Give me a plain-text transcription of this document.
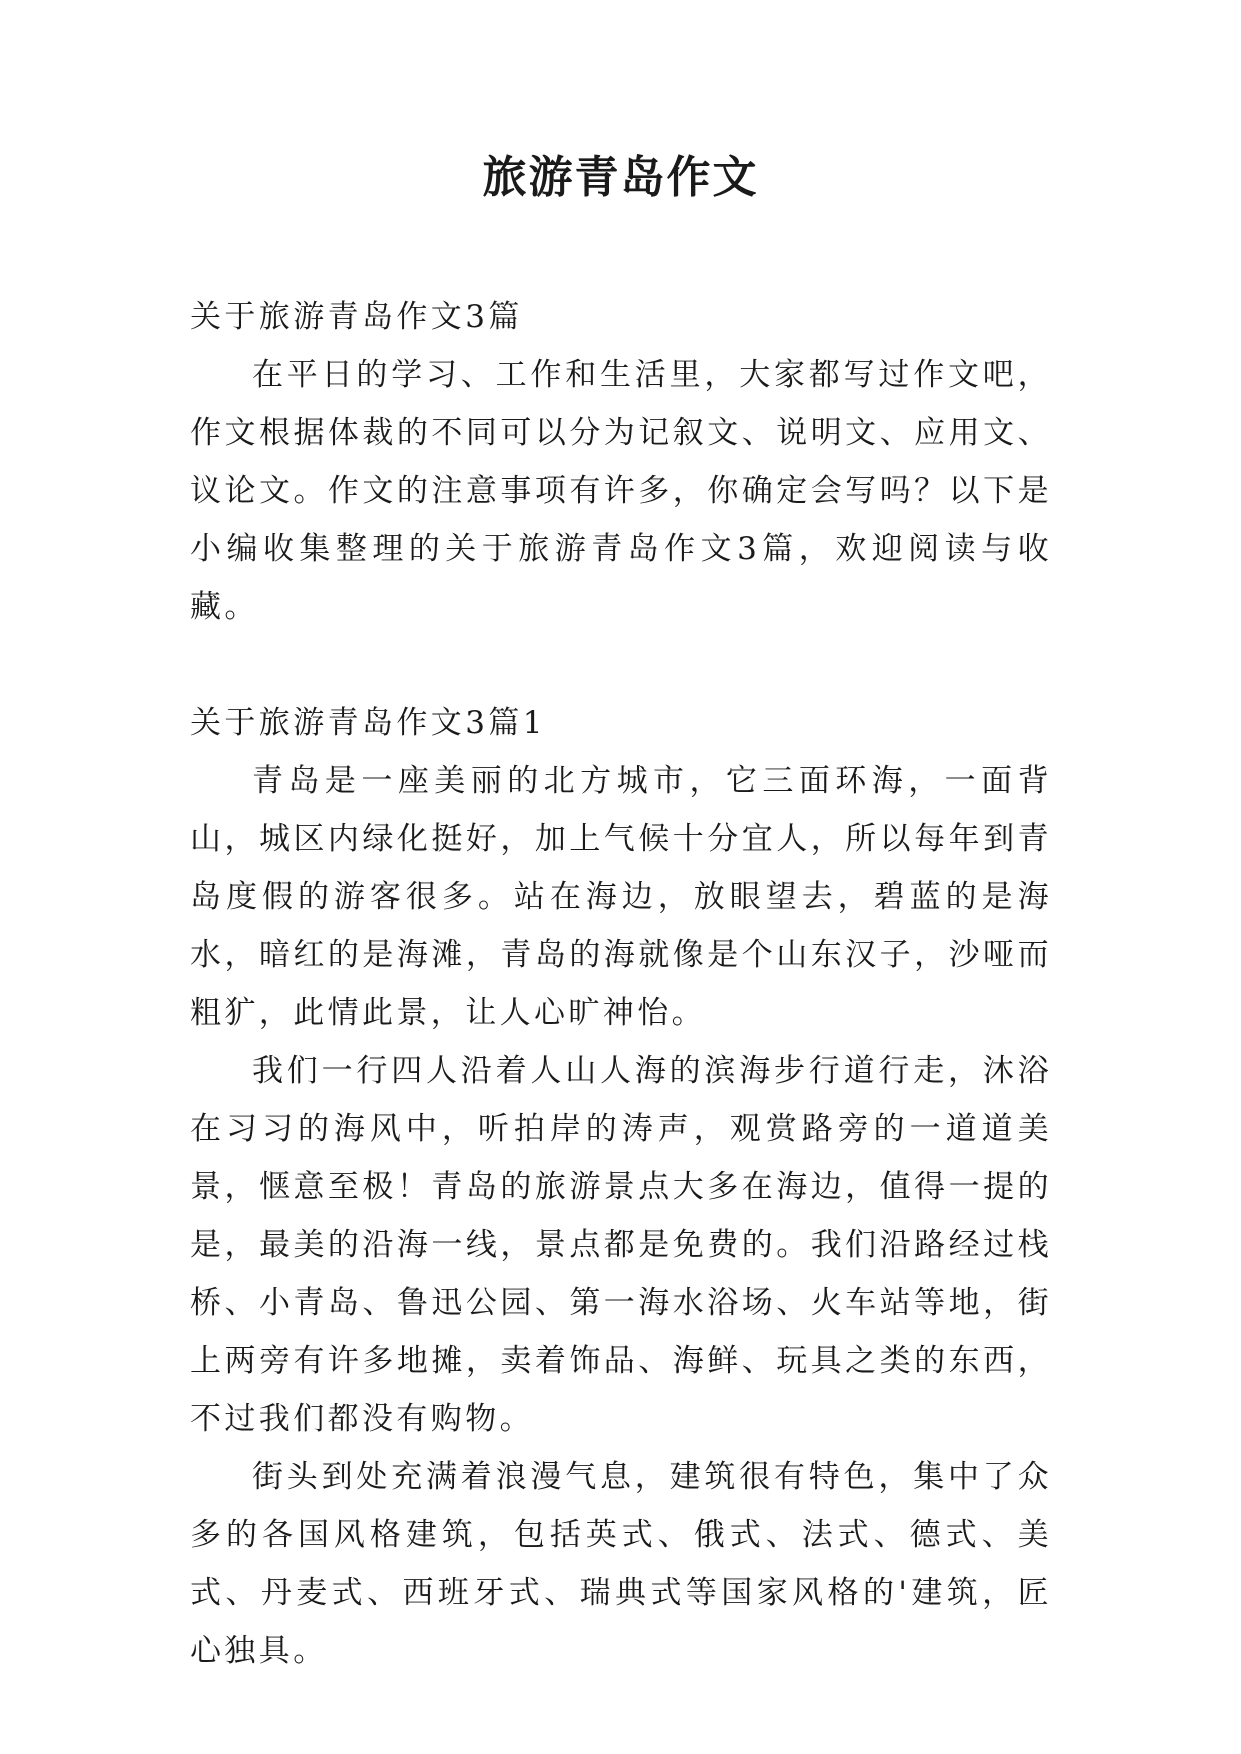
旅游青岛作文

关于旅游青岛作文3篇

在平日的学习、工作和生活里，大家都写过作文吧，作文根据体裁的不同可以分为记叙文、说明文、应用文、议论文。作文的注意事项有许多，你确定会写吗？以下是小编收集整理的关于旅游青岛作文3篇，欢迎阅读与收藏。

关于旅游青岛作文3篇1

青岛是一座美丽的北方城市，它三面环海，一面背山，城区内绿化挺好，加上气候十分宜人，所以每年到青岛度假的游客很多。站在海边，放眼望去，碧蓝的是海水，暗红的是海滩，青岛的海就像是个山东汉子，沙哑而粗犷，此情此景，让人心旷神怡。

我们一行四人沿着人山人海的滨海步行道行走，沐浴在习习的海风中，听拍岸的涛声，观赏路旁的一道道美景，惬意至极！青岛的旅游景点大多在海边，值得一提的是，最美的沿海一线，景点都是免费的。我们沿路经过栈桥、小青岛、鲁迅公园、第一海水浴场、火车站等地，街上两旁有许多地摊，卖着饰品、海鲜、玩具之类的东西，不过我们都没有购物。

街头到处充满着浪漫气息，建筑很有特色，集中了众多的各国风格建筑，包括英式、俄式、法式、德式、美式、丹麦式、西班牙式、瑞典式等国家风格的'建筑，匠心独具。
